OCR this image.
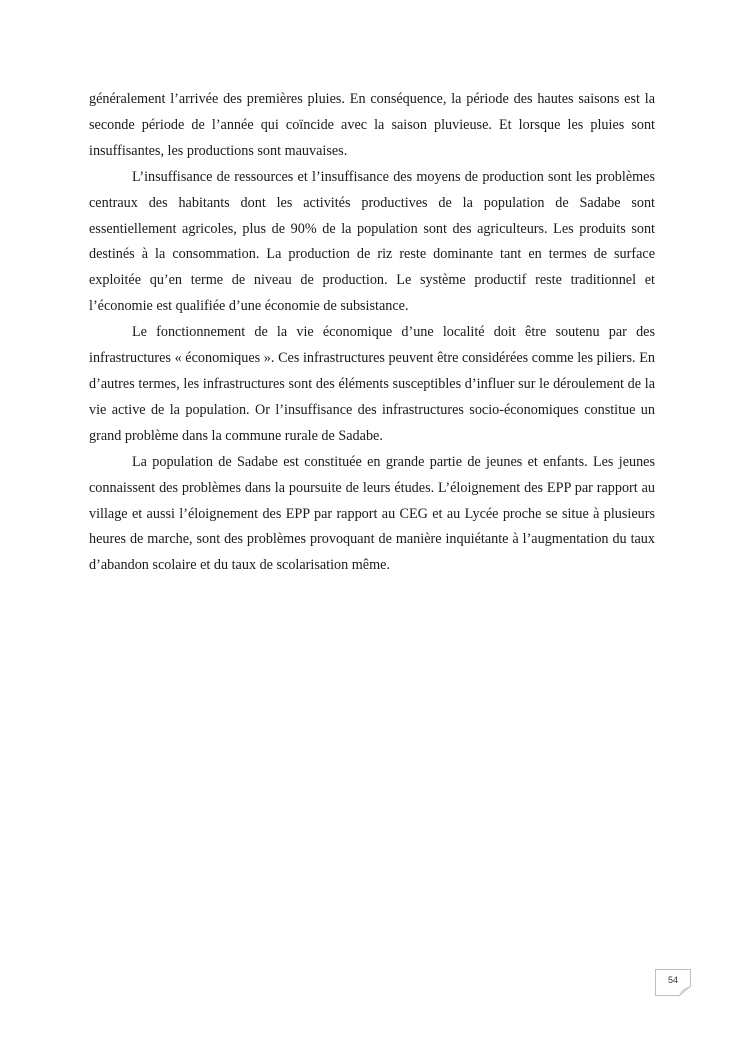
généralement l’arrivée des premières pluies. En conséquence, la période des hautes saisons est la seconde période de l’année qui coïncide avec la saison pluvieuse. Et lorsque les pluies sont insuffisantes, les productions sont mauvaises.

L’insuffisance de ressources et l’insuffisance des moyens de production sont les problèmes centraux des habitants dont les activités productives de la population de Sadabe sont essentiellement agricoles, plus de 90% de la population sont des agriculteurs. Les produits sont destinés à la consommation. La production de riz reste dominante tant en termes de surface exploitée qu’en terme de niveau de production. Le système productif reste traditionnel et l’économie est qualifiée d’une économie de subsistance.

Le fonctionnement de la vie économique d’une localité doit être soutenu par des infrastructures « économiques ». Ces infrastructures peuvent être considérées comme les piliers. En d’autres termes, les infrastructures sont des éléments susceptibles d’influer sur le déroulement de la vie active de la population. Or l’insuffisance des infrastructures socio-économiques constitue un grand problème dans la commune rurale de Sadabe.

La population de Sadabe est constituée en grande partie de jeunes et enfants. Les jeunes connaissent des problèmes dans la poursuite de leurs études. L’éloignement des EPP par rapport au village et aussi l’éloignement des EPP par rapport au CEG et au Lycée proche se situe à plusieurs heures de marche, sont des problèmes provoquant de manière inquiétante à l’augmentation du taux d’abandon scolaire et du taux de scolarisation même.

54
